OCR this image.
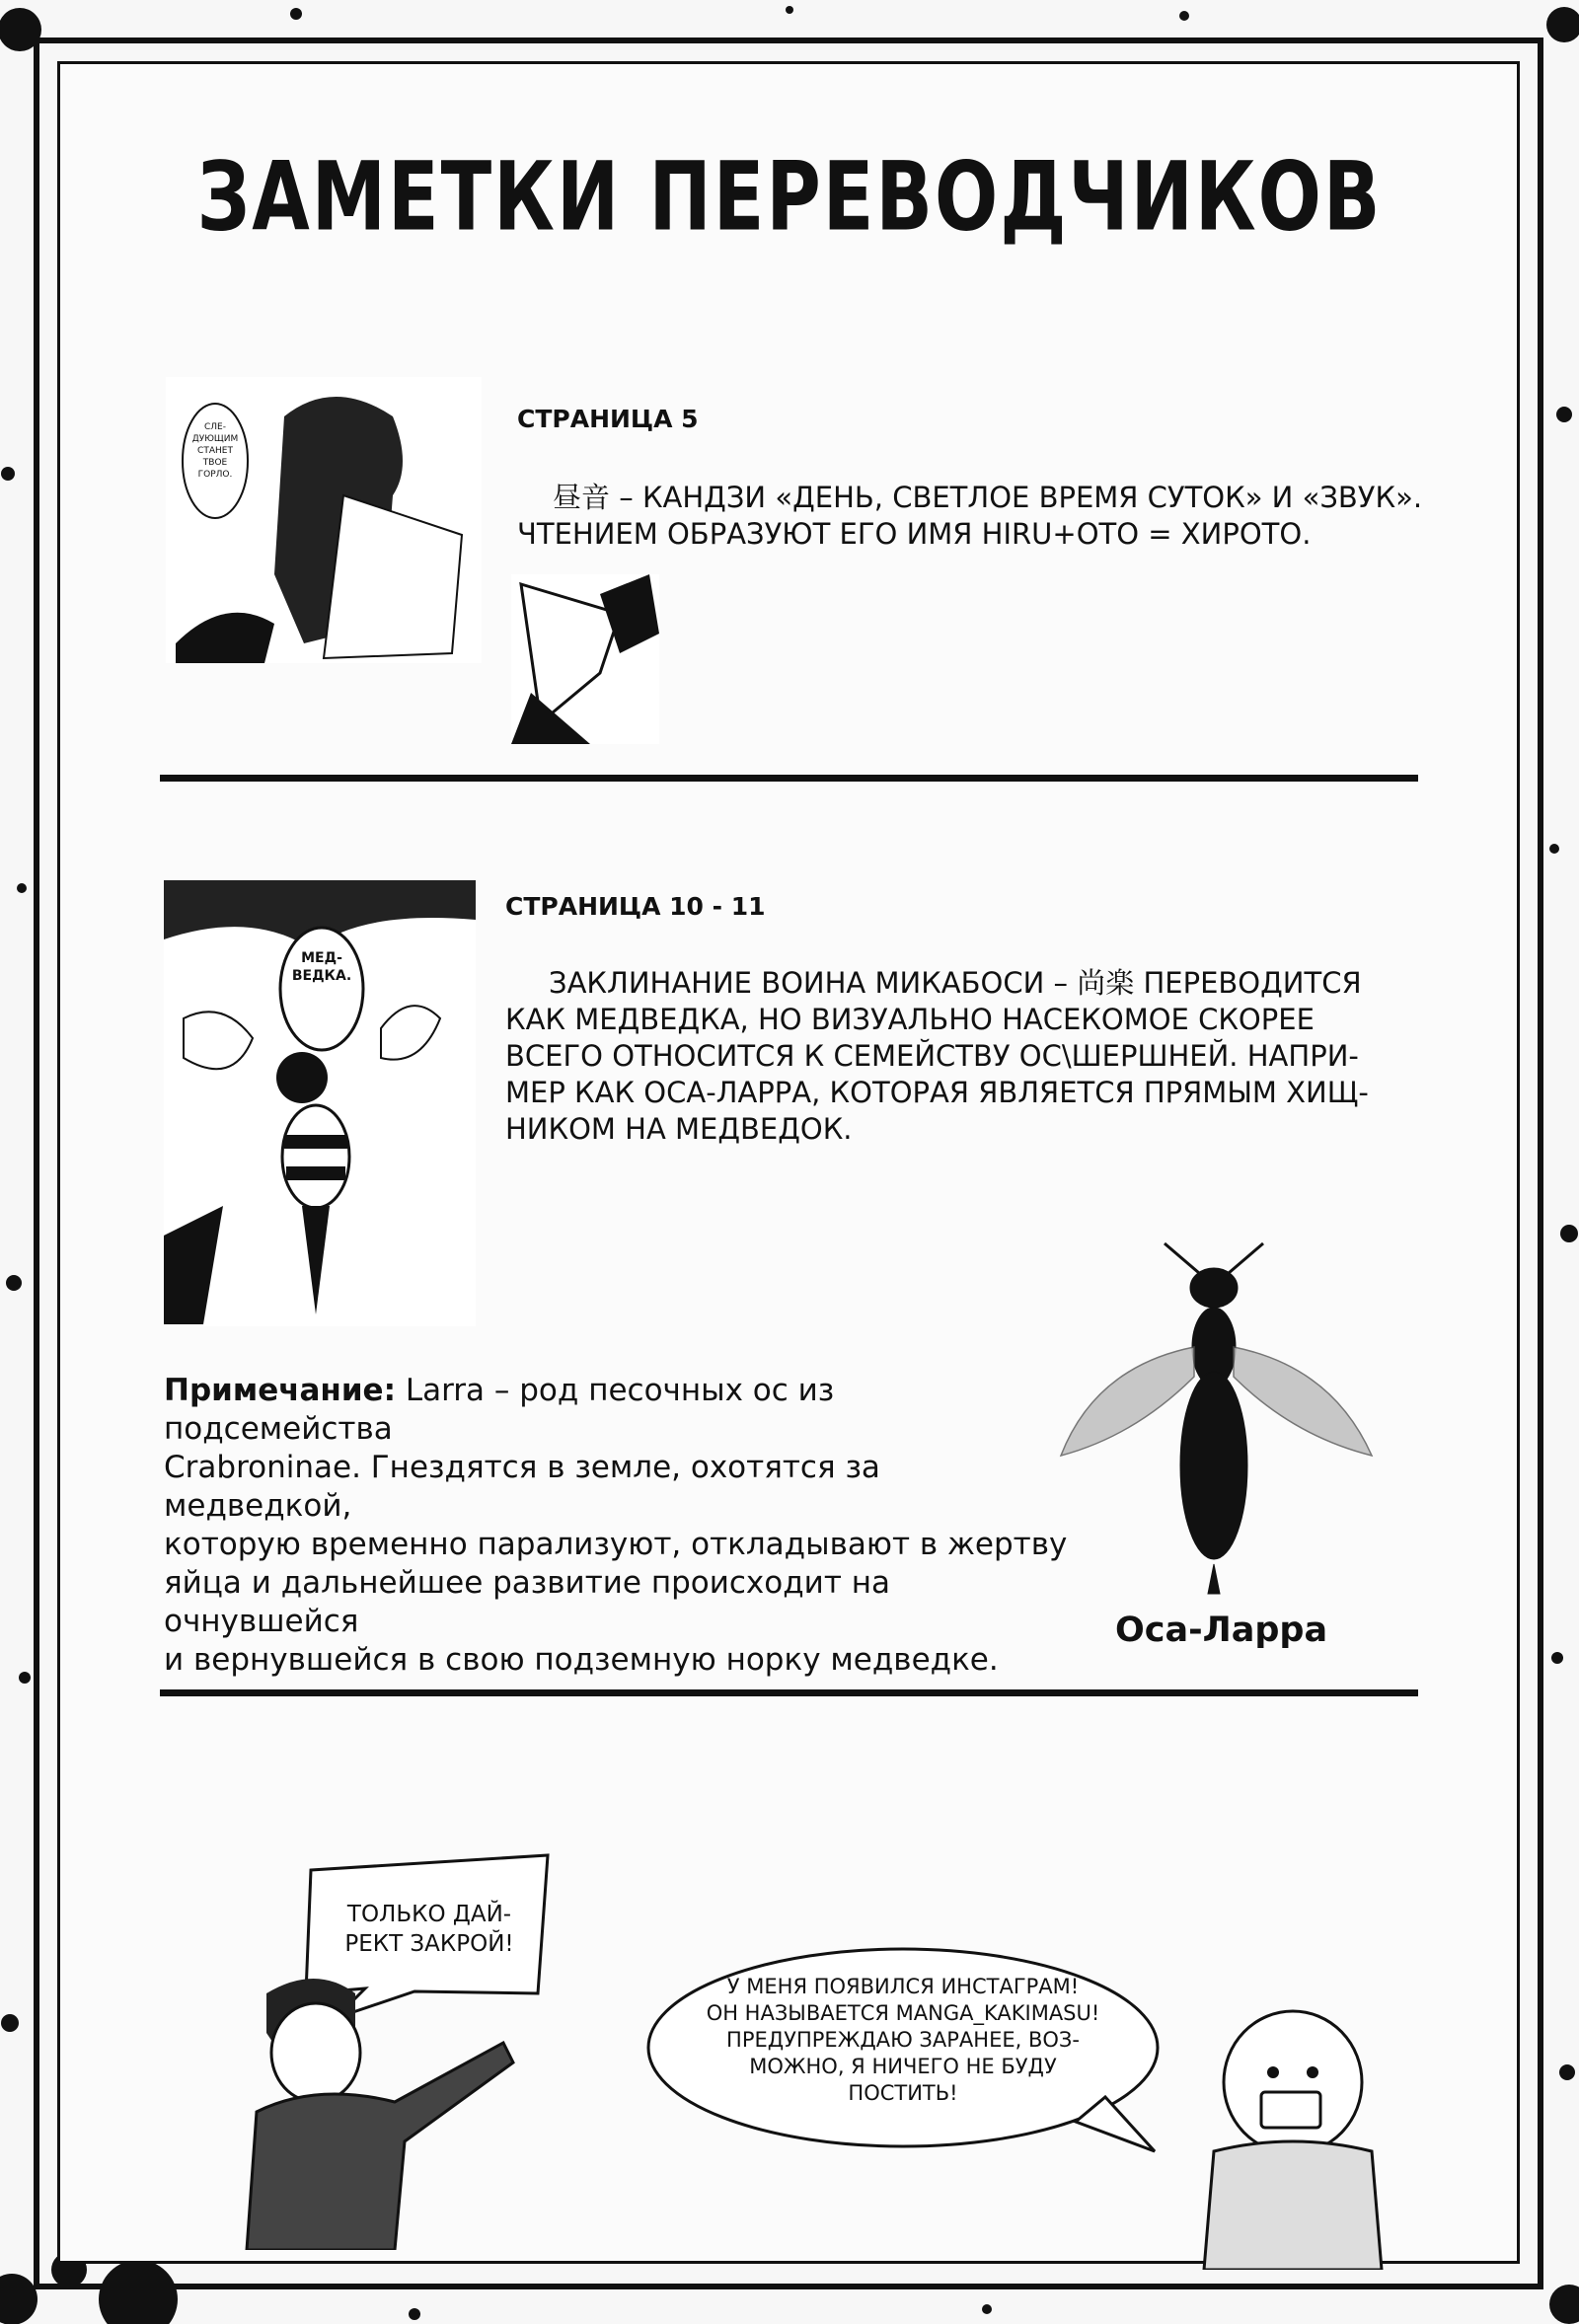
ЗАМЕТКИ ПЕРЕВОДЧИКОВ
СЛЕ-ДУЮЩИМ СТАНЕТ ТВОЕ ГОРЛО.
СТРАНИЦА 5
昼音 – КАНДЗИ «ДЕНЬ, СВЕТЛОЕ ВРЕМЯ СУТОК» И «ЗВУК».
ЧТЕНИЕМ ОБРАЗУЮТ ЕГО ИМЯ HIRU+OTO = ХИРОТО.
МЕД-ВЕДКА.
СТРАНИЦА 10 - 11
ЗАКЛИНАНИЕ ВОИНА МИКАБОСИ – 尚楽 ПЕРЕВОДИТСЯ
КАК МЕДВЕДКА, НО ВИЗУАЛЬНО НАСЕКОМОЕ СКОРЕЕ
ВСЕГО ОТНОСИТСЯ К СЕМЕЙСТВУ ОС\ШЕРШНЕЙ. НАПРИ-
МЕР КАК ОСА-ЛАРРА, КОТОРАЯ ЯВЛЯЕТСЯ ПРЯМЫМ ХИЩ-
НИКОМ НА МЕДВЕДОК.
Примечание: Larra – род песочных ос из подсемейства
Crabroninae. Гнездятся в земле, охотятся за медведкой,
которую временно парализуют, откладывают в жертву
яйца и дальнейшее развитие происходит на очнувшейся
и вернувшейся в свою подземную норку медведке.
Оса-Ларра
ТОЛЬКО ДАЙ-РЕКТ ЗАКРОЙ!
У МЕНЯ ПОЯВИЛСЯ ИНСТАГРАМ!
ОН НАЗЫВАЕТСЯ MANGA_KAKIMASU!
ПРЕДУПРЕЖДАЮ ЗАРАНЕЕ, ВОЗ-
МОЖНО, Я НИЧЕГО НЕ БУДУ
ПОСТИТЬ!
